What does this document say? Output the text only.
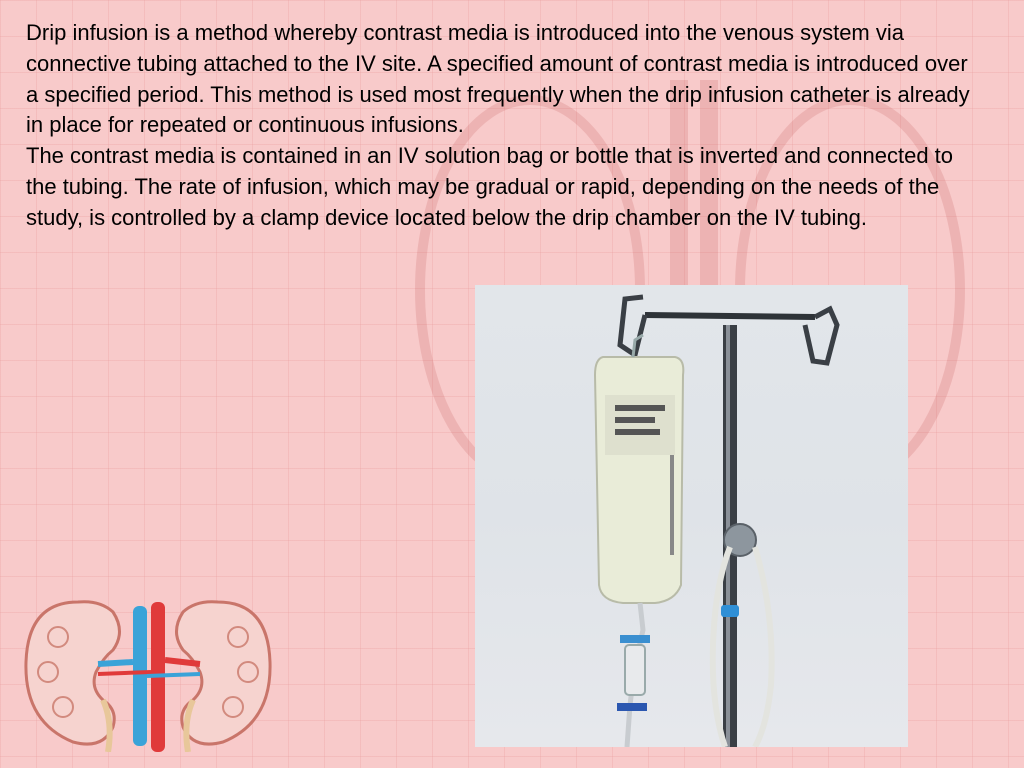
Drip infusion is a method whereby contrast media is introduced into the venous system via connective tubing attached to the IV site. A specified amount of contrast media is introduced over a specified period. This method is used most frequently when the drip infusion catheter is already in place for repeated or continuous infusions.

The contrast media is contained in an IV solution bag or bottle that is inverted and connected to the tubing. The rate of infusion, which may be gradual or rapid, depending on the needs of the study, is controlled by a clamp device located below the drip chamber on the IV tubing.
